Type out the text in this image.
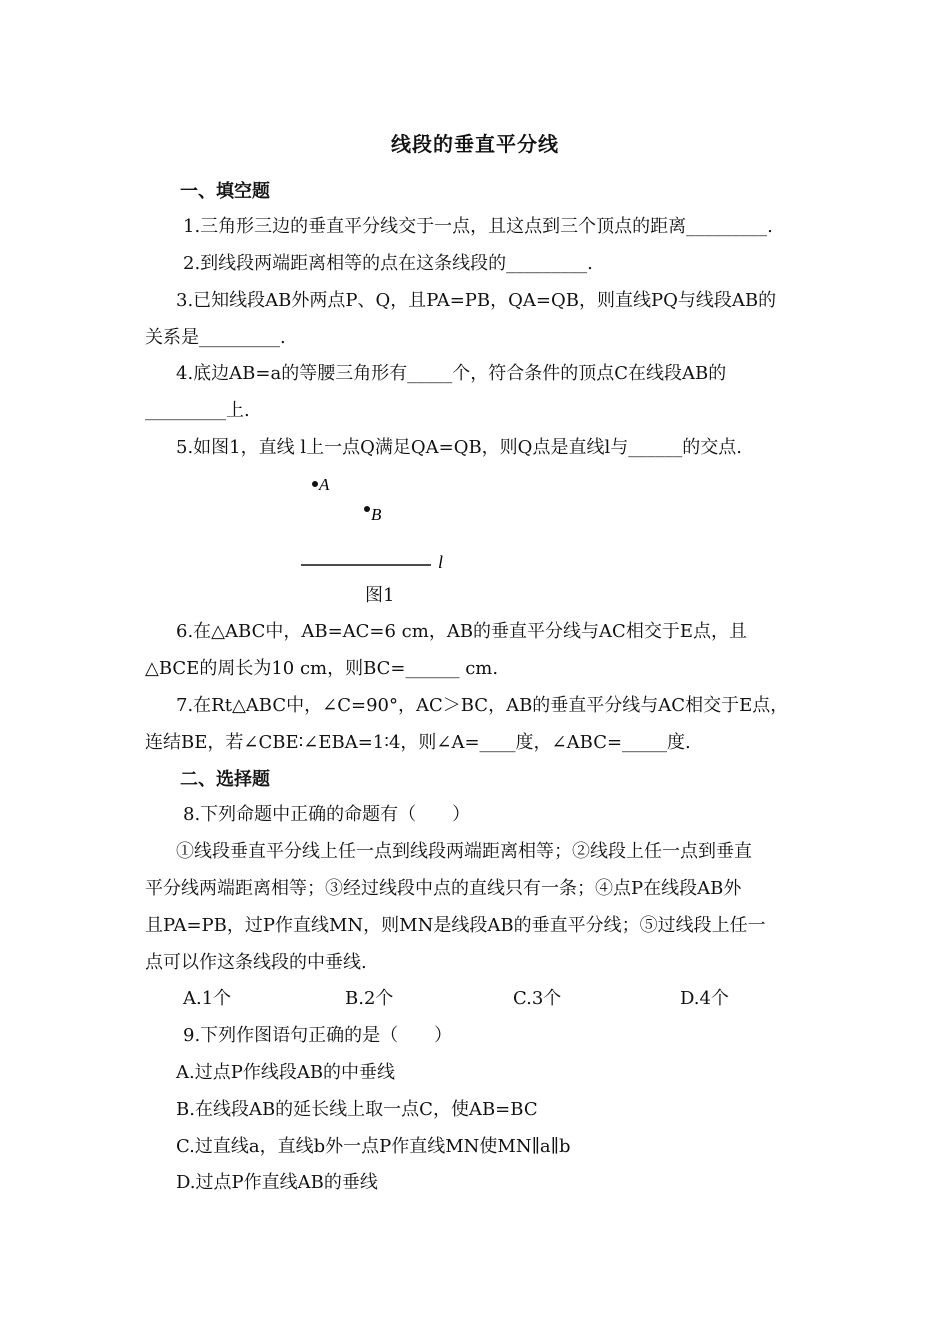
线段的垂直平分线
一、填空题
1.三角形三边的垂直平分线交于一点，且这点到三个顶点的距离_________.
2.到线段两端距离相等的点在这条线段的_________.
3.已知线段AB外两点P、Q，且PA=PB，QA=QB，则直线PQ与线段AB的
关系是_________.
4.底边AB=a的等腰三角形有_____个，符合条件的顶点C在线段AB的
_________上.
5.如图1，直线 l上一点Q满足QA=QB，则Q点是直线l与______的交点.
A
B
l
图1
6.在△ABC中，AB=AC=6 cm，AB的垂直平分线与AC相交于E点，且
△BCE的周长为10 cm，则BC=______ cm.
7.在Rt△ABC中，∠C=90°，AC＞BC，AB的垂直平分线与AC相交于E点，
连结BE，若∠CBE∶∠EBA=1∶4，则∠A=____度，∠ABC=_____度.
二、选择题
8.下列命题中正确的命题有（　　）
①线段垂直平分线上任一点到线段两端距离相等；②线段上任一点到垂直
平分线两端距离相等；③经过线段中点的直线只有一条；④点P在线段AB外
且PA=PB，过P作直线MN，则MN是线段AB的垂直平分线；⑤过线段上任一
点可以作这条线段的中垂线.
A.1个	B.2个	C.3个	D.4个
9.下列作图语句正确的是（　　）
A.过点P作线段AB的中垂线
B.在线段AB的延长线上取一点C，使AB=BC
C.过直线a，直线b外一点P作直线MN使MN∥a∥b
D.过点P作直线AB的垂线
